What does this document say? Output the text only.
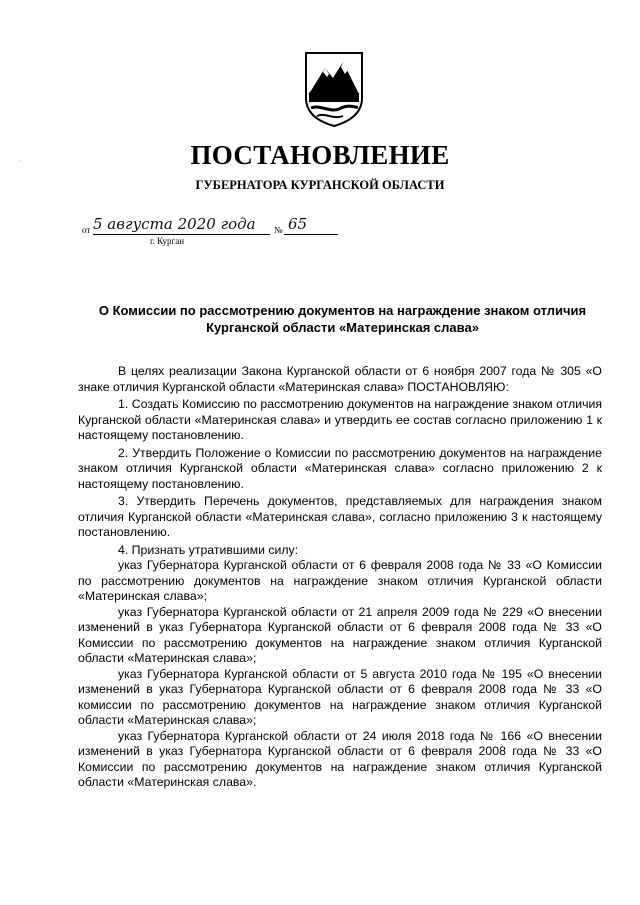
ПОСТАНОВЛЕНИЕ
ГУБЕРНАТОРА КУРГАНСКОЙ ОБЛАСТИ
от 5 августа 2020 года № 65
г. Курган
О Комиссии по рассмотрению документов на награждение знаком отличия Курганской области «Материнская слава»

В целях реализации Закона Курганской области от 6 ноября 2007 года № 305 «О знаке отличия Курганской области «Материнская слава» ПОСТАНОВЛЯЮ:

1. Создать Комиссию по рассмотрению документов на награждение знаком отличия Курганской области «Материнская слава» и утвердить ее состав согласно приложению 1 к настоящему постановлению.

2. Утвердить Положение о Комиссии по рассмотрению документов на награждение знаком отличия Курганской области «Материнская слава» согласно приложению 2 к настоящему постановлению.

3. Утвердить Перечень документов, представляемых для награждения знаком отличия Курганской области «Материнская слава», согласно приложению 3 к настоящему постановлению.

4. Признать утратившими силу:

указ Губернатора Курганской области от 6 февраля 2008 года № 33 «О Комиссии по рассмотрению документов на награждение знаком отличия Курганской области «Материнская слава»;

указ Губернатора Курганской области от 21 апреля 2009 года № 229 «О внесении изменений в указ Губернатора Курганской области от 6 февраля 2008 года № 33 «О Комиссии по рассмотрению документов на награждение знаком отличия Курганской области «Материнская слава»;

указ Губернатора Курганской области от 5 августа 2010 года № 195 «О внесении изменений в указ Губернатора Курганской области от 6 февраля 2008 года № 33 «О комиссии по рассмотрению документов на награждение знаком отличия Курганской области «Материнская слава»;

указ Губернатора Курганской области от 24 июля 2018 года № 166 «О внесении изменений в указ Губернатора Курганской области от 6 февраля 2008 года № 33 «О Комиссии по рассмотрению документов на награждение знаком отличия Курганской области «Материнская слава».
